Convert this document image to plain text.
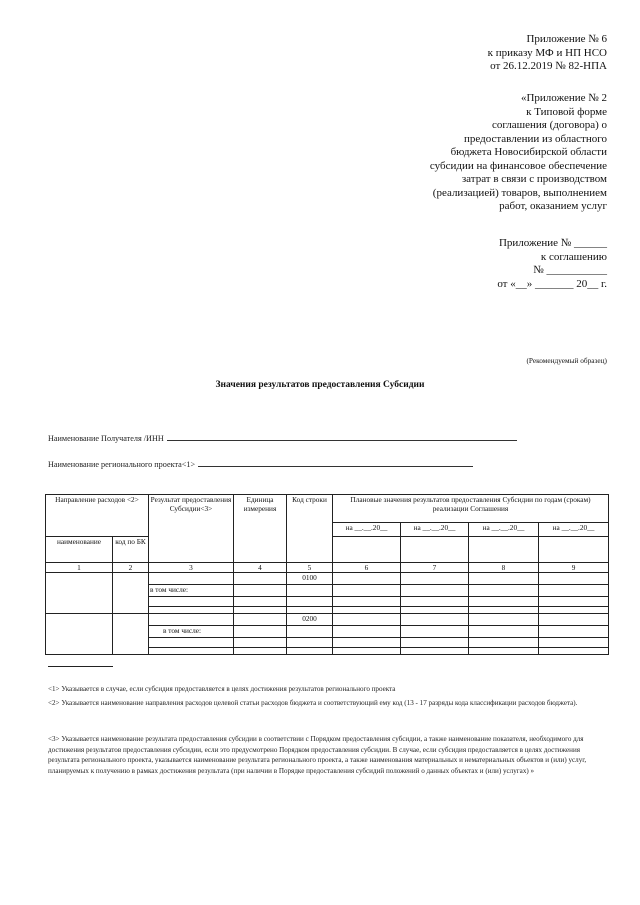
Приложение № 6
к приказу МФ и НП НСО
от 26.12.2019 № 82-НПА
«Приложение № 2
к Типовой форме
соглашения (договора) о
предоставлении из областного
бюджета Новосибирской области
субсидии на финансовое обеспечение
затрат в связи с производством
(реализацией) товаров, выполнением
работ, оказанием услуг
Приложение № ______
к соглашению
№ ___________
от «__» _______ 20__ г.
(Рекомендуемый образец)
Значения результатов предоставления Субсидии
Наименование Получателя /ИНН
Наименование регионального проекта<1>
Направление расходов <2>		Результат предоставления Субсидии<3>	Единица измерения	Код строки	Плановые значения результатов предоставления Субсидии по годам (срокам) реализации Соглашения			
					на __.__.20__	на __.__.20__	на __.__.20__	на __.__.20__
наименование	код по БК							
1	2	3	4	5	6	7	8	9
				0100				
		в том числе:						

				0200				
		в том числе:						

<1> Указывается в случае, если субсидия предоставляется в целях достижения результатов регионального проекта
<2> Указывается наименование направления расходов целевой статьи расходов бюджета и соответствующий ему код (13 - 17 разряды кода классификации расходов бюджета).
<3> Указывается наименование результата предоставления субсидии в соответствии с Порядком предоставления субсидии, а также наименование показателя, необходимого для достижения результатов предоставления субсидии, если это предусмотрено Порядком предоставления субсидии. В случае, если субсидия предоставляется в целях достижения результата регионального проекта, указывается наименование результата регионального проекта, а также наименования материальных и нематериальных объектов и (или) услуг, планируемых к получению в рамках достижения результата (при наличии в Порядке предоставления субсидий положений о данных объектах и (или) услугах) »
